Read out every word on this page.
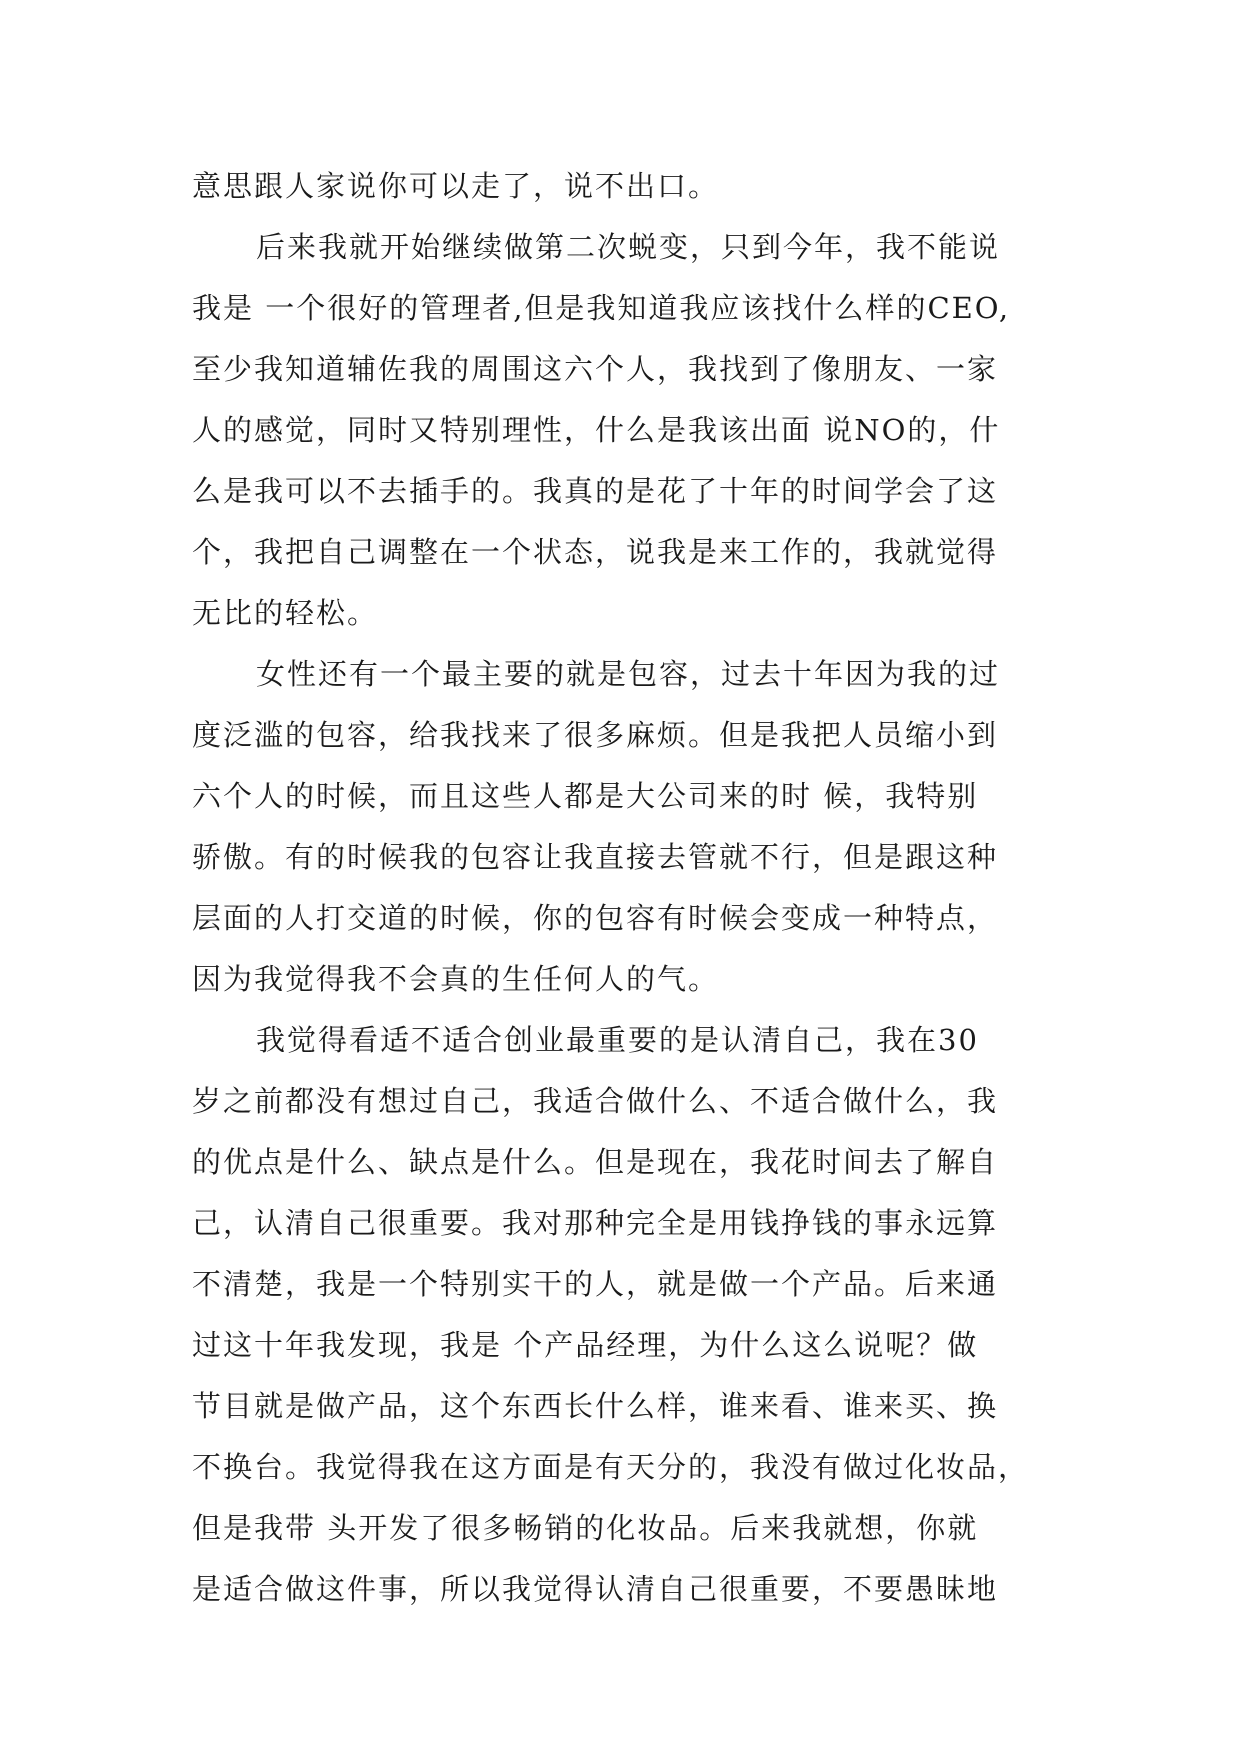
意思跟人家说你可以走了，说不出口。
后来我就开始继续做第二次蜕变，只到今年，我不能说
我是 一个很好的管理者,但是我知道我应该找什么样的CEO,
至少我知道辅佐我的周围这六个人，我找到了像朋友、一家
人的感觉，同时又特别理性，什么是我该出面 说NO的，什
么是我可以不去插手的。我真的是花了十年的时间学会了这
个，我把自己调整在一个状态，说我是来工作的，我就觉得
无比的轻松。
女性还有一个最主要的就是包容，过去十年因为我的过
度泛滥的包容，给我找来了很多麻烦。但是我把人员缩小到
六个人的时候，而且这些人都是大公司来的时 候，我特别
骄傲。有的时候我的包容让我直接去管就不行，但是跟这种
层面的人打交道的时候，你的包容有时候会变成一种特点，
因为我觉得我不会真的生任何人的气。
我觉得看适不适合创业最重要的是认清自己，我在30
岁之前都没有想过自己，我适合做什么、不适合做什么，我
的优点是什么、缺点是什么。但是现在，我花时间去了解自
己，认清自己很重要。我对那种完全是用钱挣钱的事永远算
不清楚，我是一个特别实干的人，就是做一个产品。后来通
过这十年我发现，我是 个产品经理，为什么这么说呢？做
节目就是做产品，这个东西长什么样，谁来看、谁来买、换
不换台。我觉得我在这方面是有天分的，我没有做过化妆品，
但是我带 头开发了很多畅销的化妆品。后来我就想，你就
是适合做这件事，所以我觉得认清自己很重要，不要愚昧地
